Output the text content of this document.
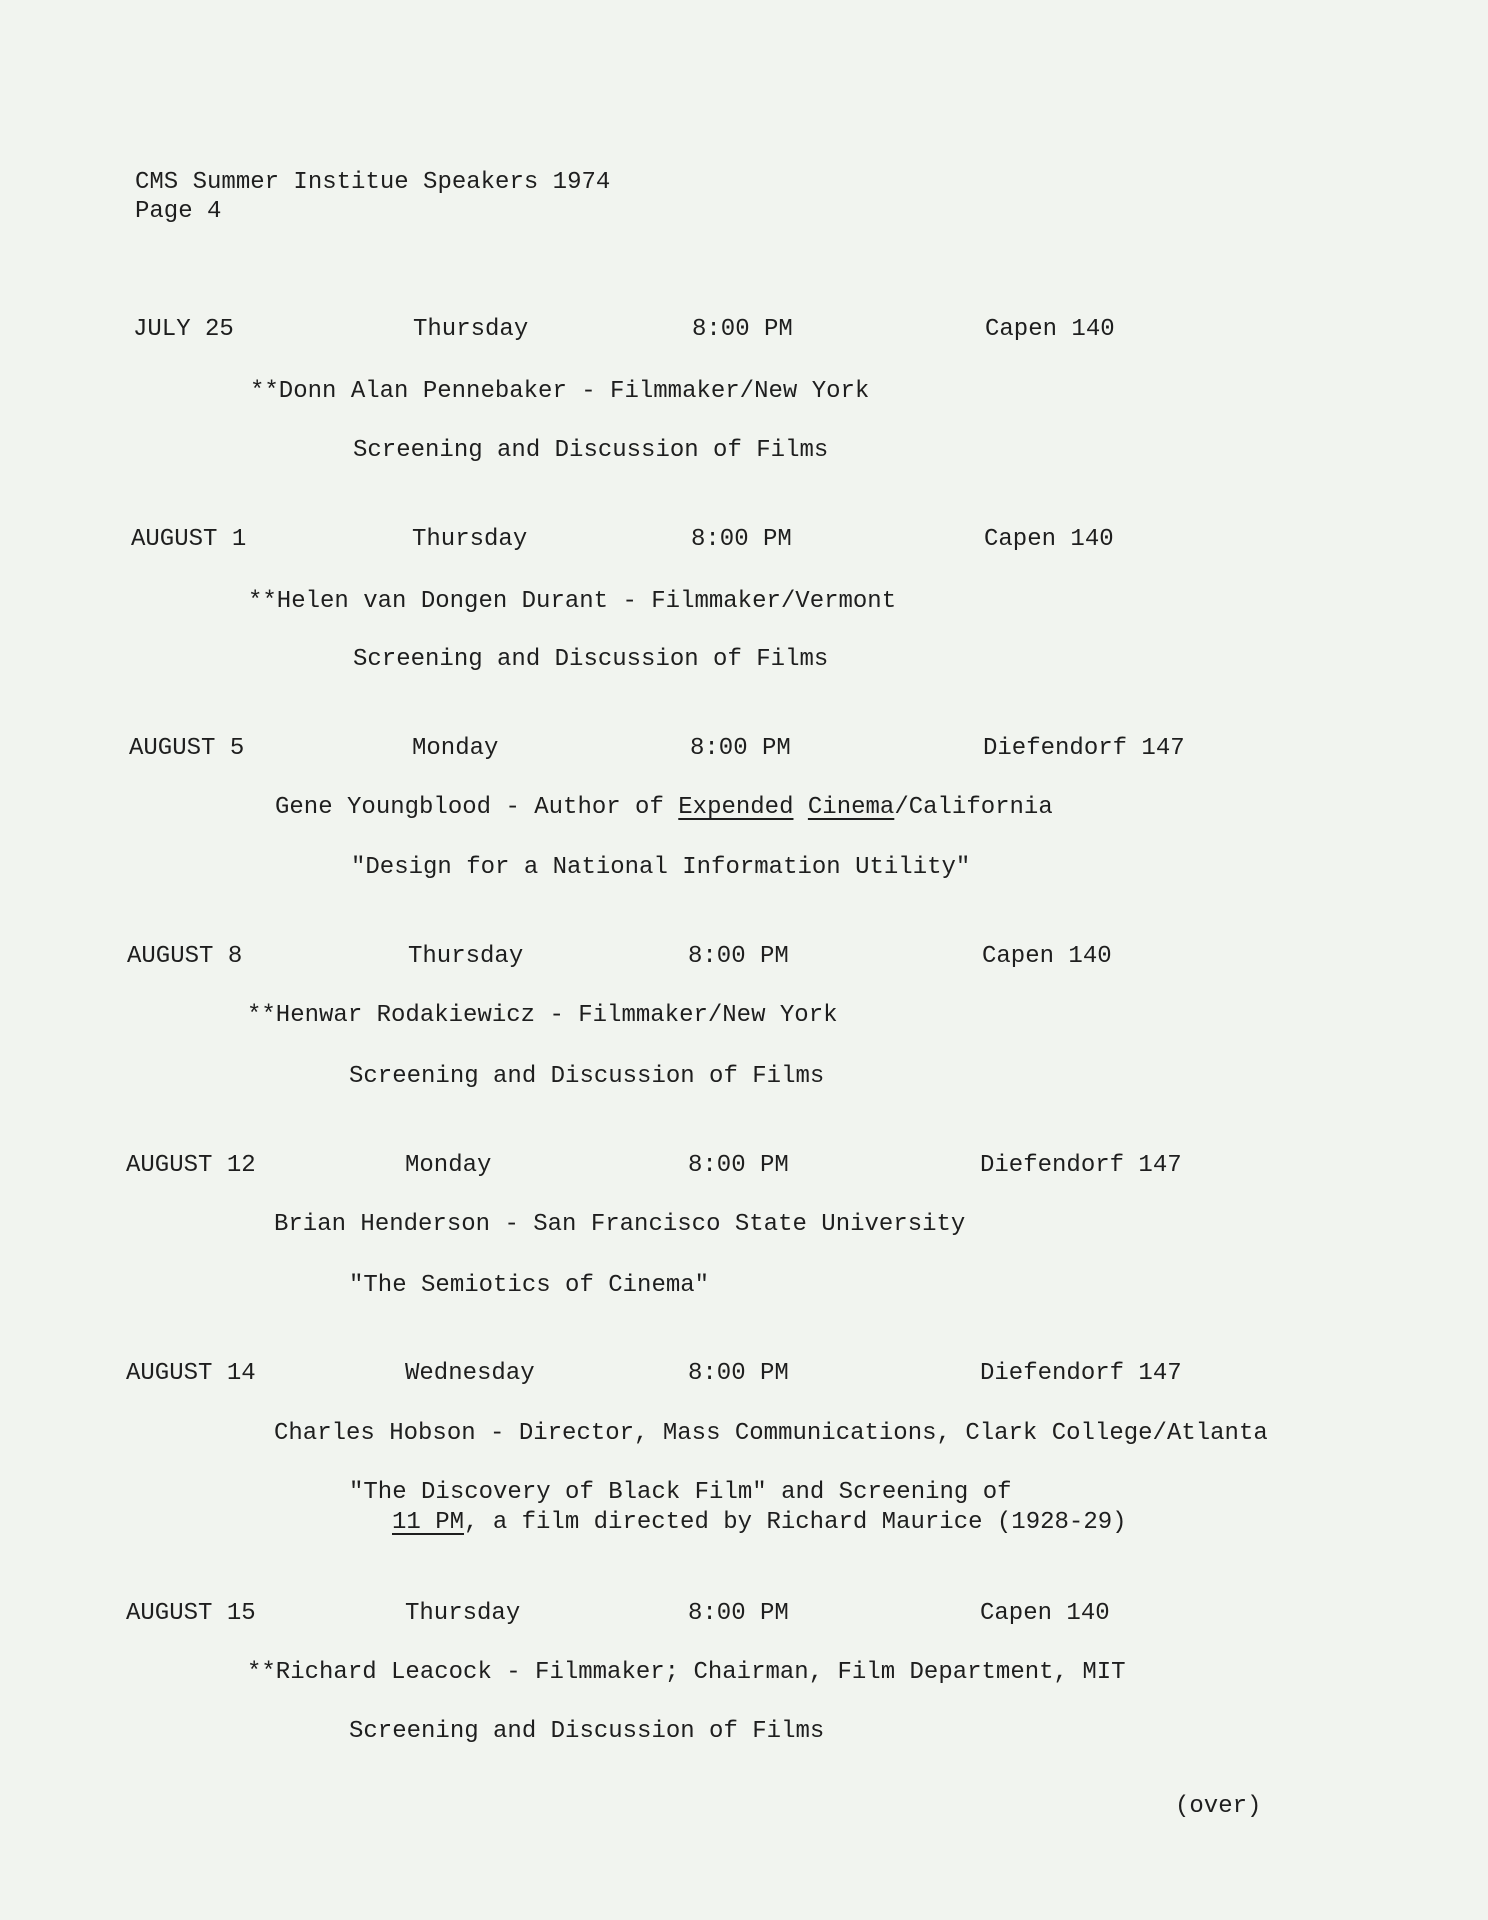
CMS Summer Institue Speakers 1974
Page 4
JULY 25	Thursday	8:00 PM	Capen 140
**Donn Alan Pennebaker - Filmmaker/New York
Screening and Discussion of Films
AUGUST 1	Thursday	8:00 PM	Capen 140
**Helen van Dongen Durant - Filmmaker/Vermont
Screening and Discussion of Films
AUGUST 5	Monday	8:00 PM	Diefendorf 147
Gene Youngblood - Author of Expended Cinema/California
"Design for a National Information Utility"
AUGUST 8	Thursday	8:00 PM	Capen 140
**Henwar Rodakiewicz - Filmmaker/New York
Screening and Discussion of Films
AUGUST 12	Monday	8:00 PM	Diefendorf 147
Brian Henderson - San Francisco State University
"The Semiotics of Cinema"
AUGUST 14	Wednesday	8:00 PM	Diefendorf 147
Charles Hobson - Director, Mass Communications, Clark College/Atlanta
"The Discovery of Black Film" and Screening of
11 PM, a film directed by Richard Maurice (1928-29)
AUGUST 15	Thursday	8:00 PM	Capen 140
**Richard Leacock - Filmmaker; Chairman, Film Department, MIT
Screening and Discussion of Films
(over)
